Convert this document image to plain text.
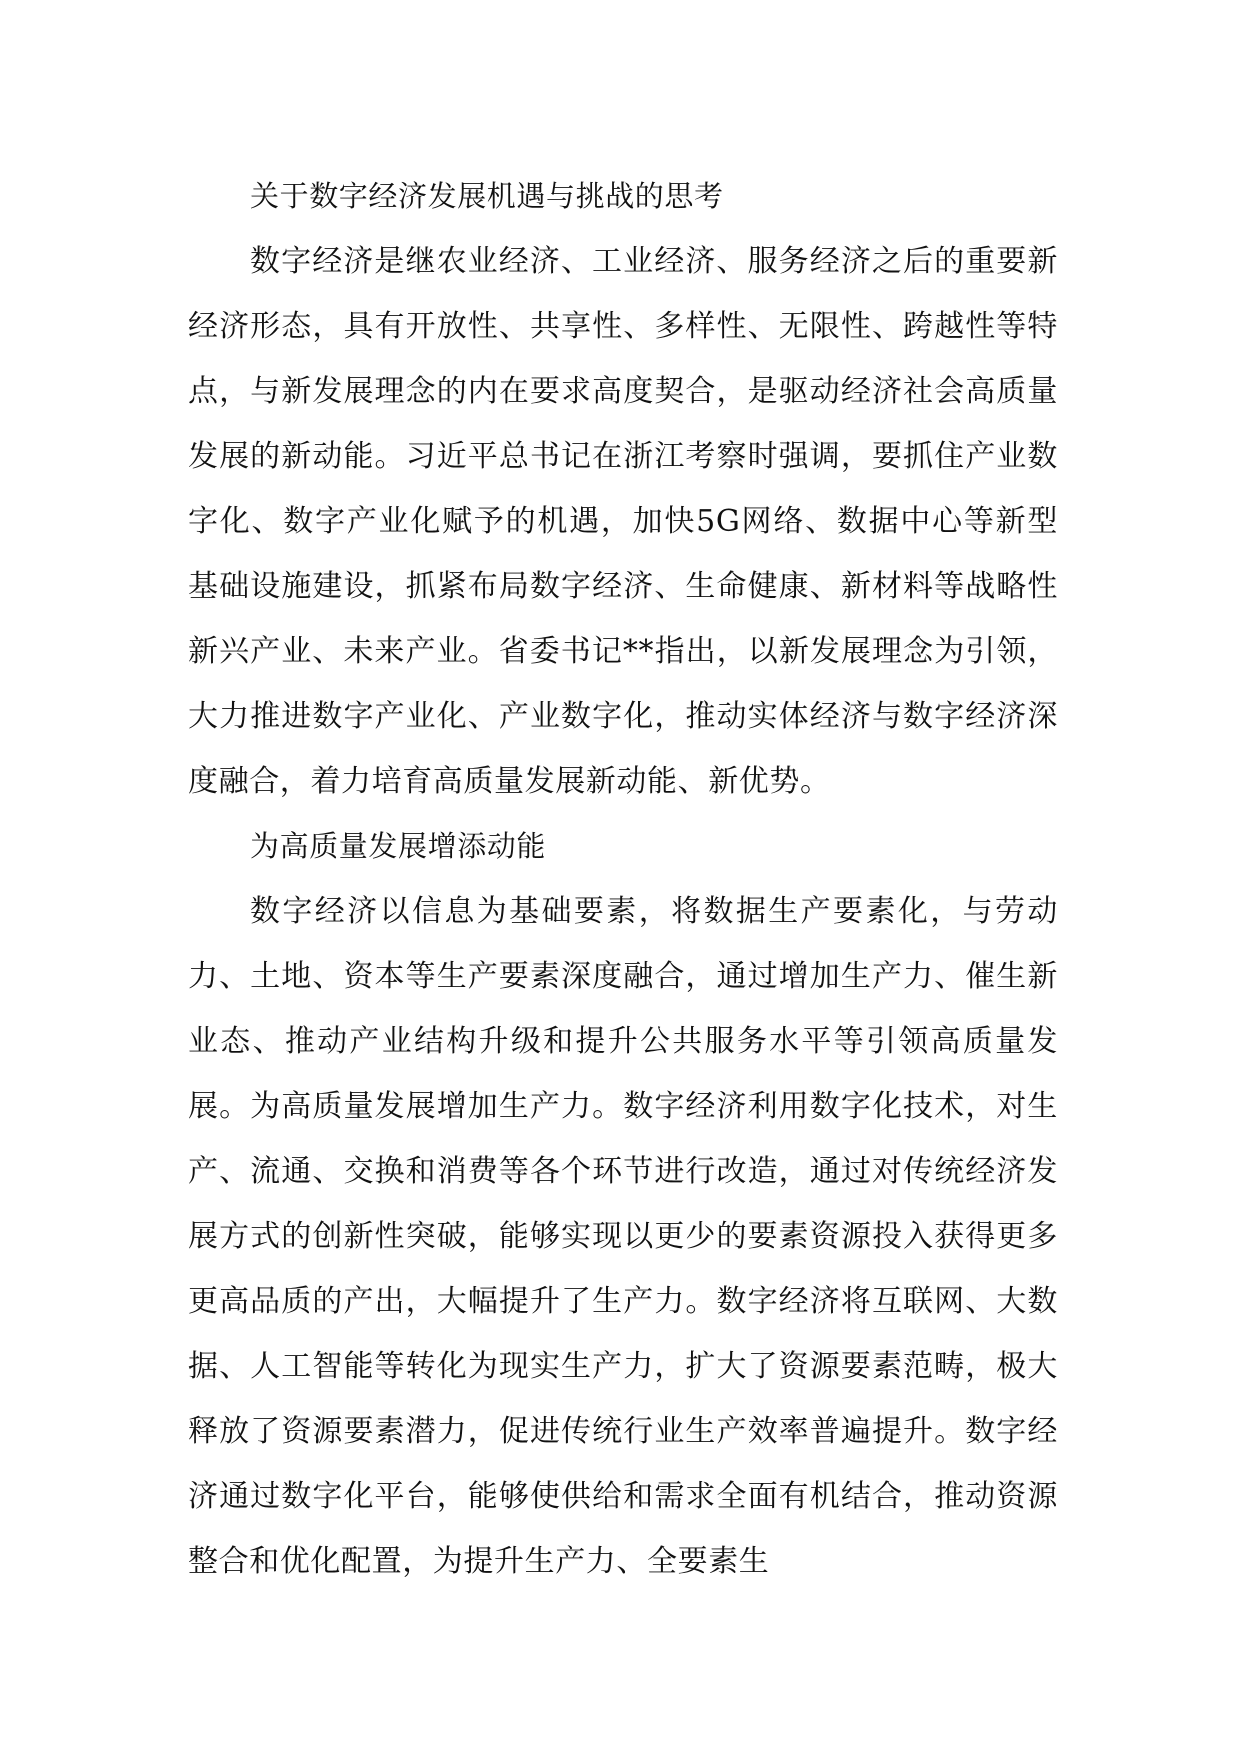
关于数字经济发展机遇与挑战的思考

数字经济是继农业经济、工业经济、服务经济之后的重要新经济形态，具有开放性、共享性、多样性、无限性、跨越性等特点，与新发展理念的内在要求高度契合，是驱动经济社会高质量发展的新动能。习近平总书记在浙江考察时强调，要抓住产业数字化、数字产业化赋予的机遇，加快5G网络、数据中心等新型基础设施建设，抓紧布局数字经济、生命健康、新材料等战略性新兴产业、未来产业。省委书记**指出，以新发展理念为引领，大力推进数字产业化、产业数字化，推动实体经济与数字经济深度融合，着力培育高质量发展新动能、新优势。

为高质量发展增添动能

数字经济以信息为基础要素，将数据生产要素化，与劳动力、土地、资本等生产要素深度融合，通过增加生产力、催生新业态、推动产业结构升级和提升公共服务水平等引领高质量发展。为高质量发展增加生产力。数字经济利用数字化技术，对生产、流通、交换和消费等各个环节进行改造，通过对传统经济发展方式的创新性突破，能够实现以更少的要素资源投入获得更多更高品质的产出，大幅提升了生产力。数字经济将互联网、大数据、人工智能等转化为现实生产力，扩大了资源要素范畴，极大释放了资源要素潜力，促进传统行业生产效率普遍提升。数字经济通过数字化平台，能够使供给和需求全面有机结合，推动资源整合和优化配置，为提升生产力、全要素生
